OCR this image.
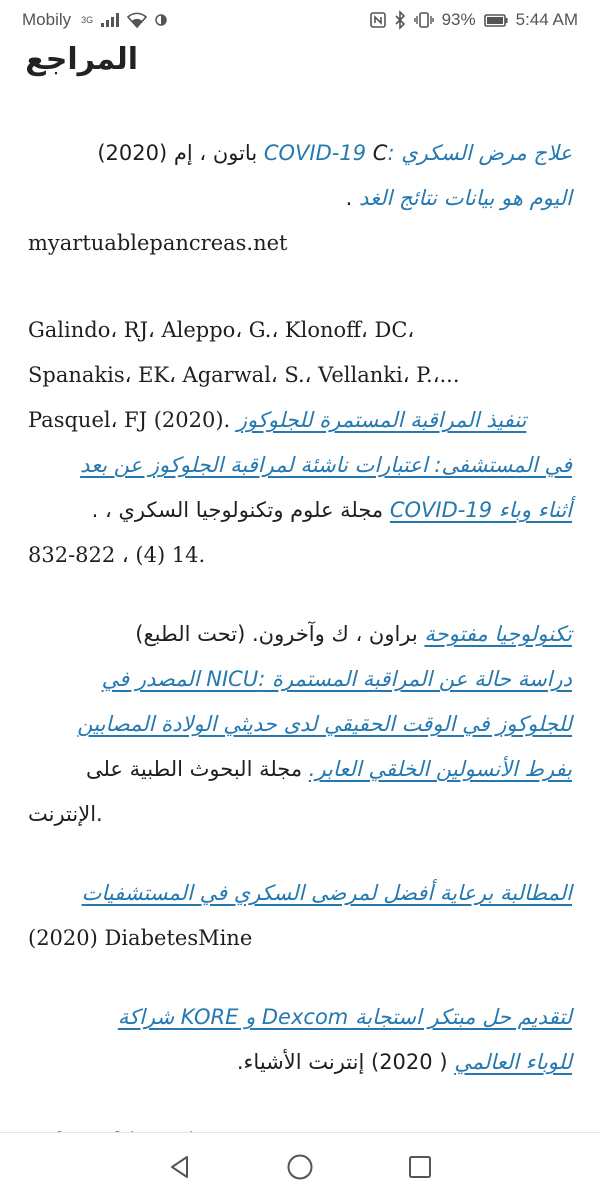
Mobily 3G	93% 5:44 AM
المراجع
علاج مرض السكري :COVID-19 C باتون ، إم (2020)
اليوم هو بيانات نتائج الغد .
myartuablepancreas.net
Galindo، RJ، Aleppo، G.، Klonoff، DC،
Spanakis، EK، Agarwal، S.، Vellanki، P.،...
Pasquel، FJ (2020). تنفيذ المراقبة المستمرة للجلوكوز
في المستشفى: اعتبارات ناشئة لمراقبة الجلوكوز عن بعد
أثناء وباء COVID-19 مجلة علوم وتكنولوجيا السكري ، .
832-822 ، (4) 14.
تكنولوجيا مفتوحة براون ، ك وآخرون. (تحت الطبع)
دراسة حالة عن المراقبة المستمرة :NICU المصدر في
للجلوكوز في الوقت الحقيقي لدى حديثي الولادة المصابين
بفرط الأنسولين الخلقي العابر. مجلة البحوث الطبية على
الإنترنت.
المطالبة برعاية أفضل لمرضى السكري في المستشفيات
(2020) DiabetesMine
لتقديم حل مبتكر استجابة Dexcom و KORE شراكة
للوباء العالمي ( 2020) إنترنت الأشياء.
